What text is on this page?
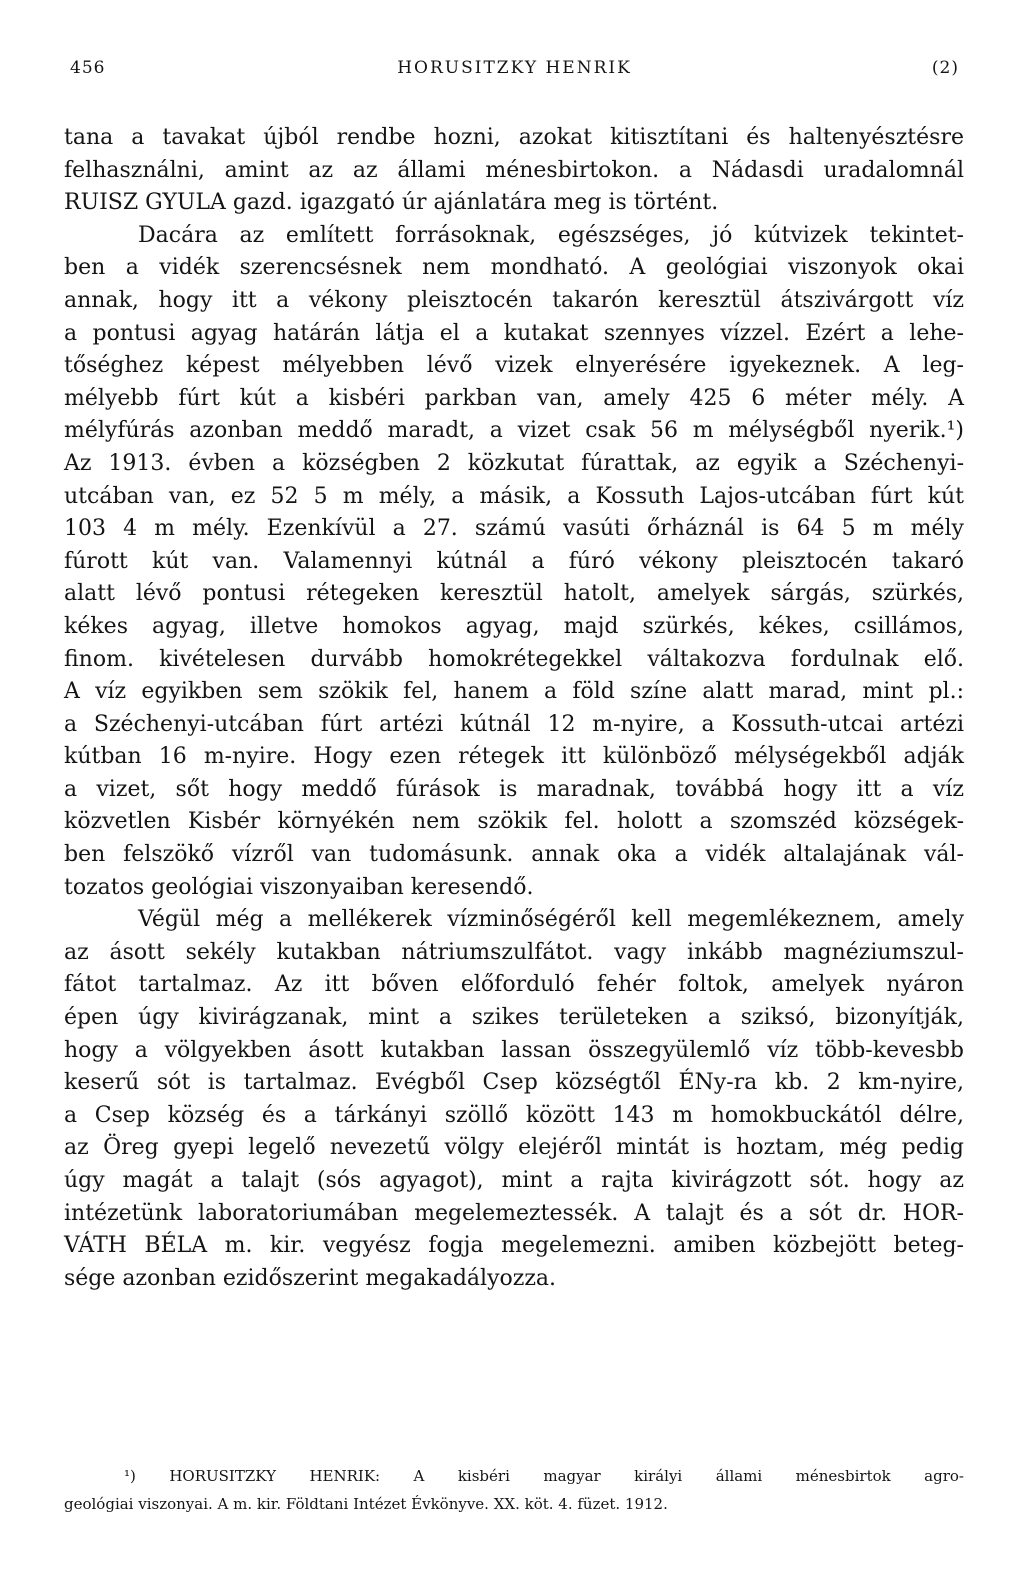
456	HORUSITZKY HENRIK	(2)
tana a tavakat újból rendbe hozni, azokat kitisztítani és haltenyésztésre
felhasználni, amint az az állami ménesbirtokon. a Nádasdi uradalomnál
RUISZ GYULA gazd. igazgató úr ajánlatára meg is történt.
Dacára az említett forrásoknak, egészséges, jó kútvizek tekintet-
ben a vidék szerencsésnek nem mondható. A geológiai viszonyok okai
annak, hogy itt a vékony pleisztocén takarón keresztül átszivárgott víz
a pontusi agyag határán látja el a kutakat szennyes vízzel. Ezért a lehe-
tőséghez képest mélyebben lévő vizek elnyerésére igyekeznek. A leg-
mélyebb fúrt kút a kisbéri parkban van, amely 425 6 méter mély. A
mélyfúrás azonban meddő maradt, a vizet csak 56 m mélységből nyerik.¹)
Az 1913. évben a községben 2 közkutat fúrattak, az egyik a Széchenyi-
utcában van, ez 52 5 m mély, a másik, a Kossuth Lajos-utcában fúrt kút
103 4 m mély. Ezenkívül a 27. számú vasúti őrháznál is 64 5 m mély
fúrott kút van. Valamennyi kútnál a fúró vékony pleisztocén takaró
alatt lévő pontusi rétegeken keresztül hatolt, amelyek sárgás, szürkés,
kékes agyag, illetve homokos agyag, majd szürkés, kékes, csillámos,
finom. kivételesen durvább homokrétegekkel váltakozva fordulnak elő.
A víz egyikben sem szökik fel, hanem a föld színe alatt marad, mint pl.:
a Széchenyi-utcában fúrt artézi kútnál 12 m-nyire, a Kossuth-utcai artézi
kútban 16 m-nyire. Hogy ezen rétegek itt különböző mélységekből adják
a vizet, sőt hogy meddő fúrások is maradnak, továbbá hogy itt a víz
közvetlen Kisbér környékén nem szökik fel. holott a szomszéd községek-
ben felszökő vízről van tudomásunk. annak oka a vidék altalajának vál-
tozatos geológiai viszonyaiban keresendő.
Végül még a mellékerek vízminőségéről kell megemlékeznem, amely
az ásott sekély kutakban nátriumszulfátot. vagy inkább magnéziumszul-
fátot tartalmaz. Az itt bőven előforduló fehér foltok, amelyek nyáron
épen úgy kivirágzanak, mint a szikes területeken a sziksó, bizonyítják,
hogy a völgyekben ásott kutakban lassan összegyülemlő víz több-kevesbb
keserű sót is tartalmaz. Evégből Csep községtől ÉNy-ra kb. 2 km-nyire,
a Csep község és a tárkányi szöllő között 143 m homokbuckától délre,
az Öreg gyepi legelő nevezetű völgy elejéről mintát is hoztam, még pedig
úgy magát a talajt (sós agyagot), mint a rajta kivirágzott sót. hogy az
intézetünk laboratoriumában megelemeztessék. A talajt és a sót dr. HOR-
VÁTH BÉLA m. kir. vegyész fogja megelemezni. amiben közbejött beteg-
sége azonban ezidőszerint megakadályozza.
¹) HORUSITZKY HENRIK: A kisbéri magyar királyi állami ménesbirtok agro-
geológiai viszonyai. A m. kir. Földtani Intézet Évkönyve. XX. köt. 4. füzet. 1912.
